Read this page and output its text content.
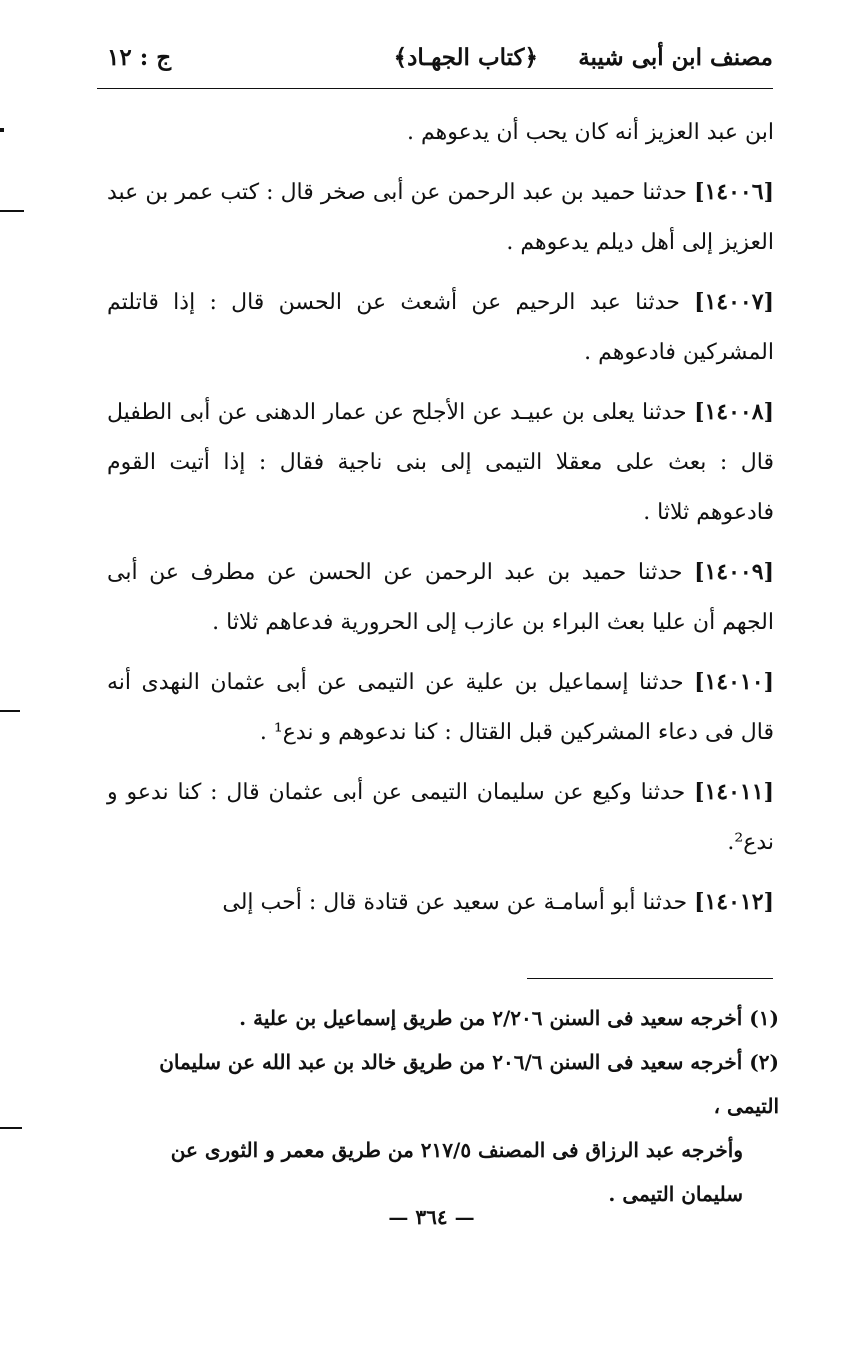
مصنف ابن أبى شيبة
﴿كتاب الجهـاد﴾
ج : ١٢

ابن عبد العزيز أنه كان يحب أن يدعوهم .

[١٤٠٠٦] حدثنا حميد بن عبد الرحمن عن أبى صخر قال : كتب عمر بن عبد العزيز إلى أهل ديلم يدعوهم .

[١٤٠٠٧] حدثنا عبد الرحيم عن أشعث عن الحسن قال : إذا قاتلتم المشركين فادعوهم .

[١٤٠٠٨] حدثنا يعلى بن عبيـد عن الأجلح عن عمار الدهنى عن أبى الطفيل قال : بعث على معقلا التيمى إلى بنى ناجية فقال : إذا أتيت القوم فادعوهم ثلاثا .

[١٤٠٠٩] حدثنا حميد بن عبد الرحمن عن الحسن عن مطرف عن أبى الجهم أن عليا بعث البراء بن عازب إلى الحرورية فدعاهم ثلاثا .

[١٤٠١٠] حدثنا إسماعيل بن علية عن التيمى عن أبى عثمان النهدى أنه قال فى دعاء المشركين قبل القتال : كنا ندعوهم و ندع¹ .

[١٤٠١١] حدثنا وكيع عن سليمان التيمى عن أبى عثمان قال : كنا ندعو و ندع².

[١٤٠١٢] حدثنا أبو أسامـة عن سعيد عن قتادة قال : أحب إلى

(١) أخرجه سعيد فى السنن ٢/٢٠٦ من طريق إسماعيل بن علية .

(٢) أخرجه سعيد فى السنن ٢٠٦/٦ من طريق خالد بن عبد الله عن سليمان التيمى ،

وأخرجه عبد الرزاق فى المصنف ٢١٧/٥ من طريق معمر و الثورى عن سليمان التيمى .

— ٣٦٤ —
